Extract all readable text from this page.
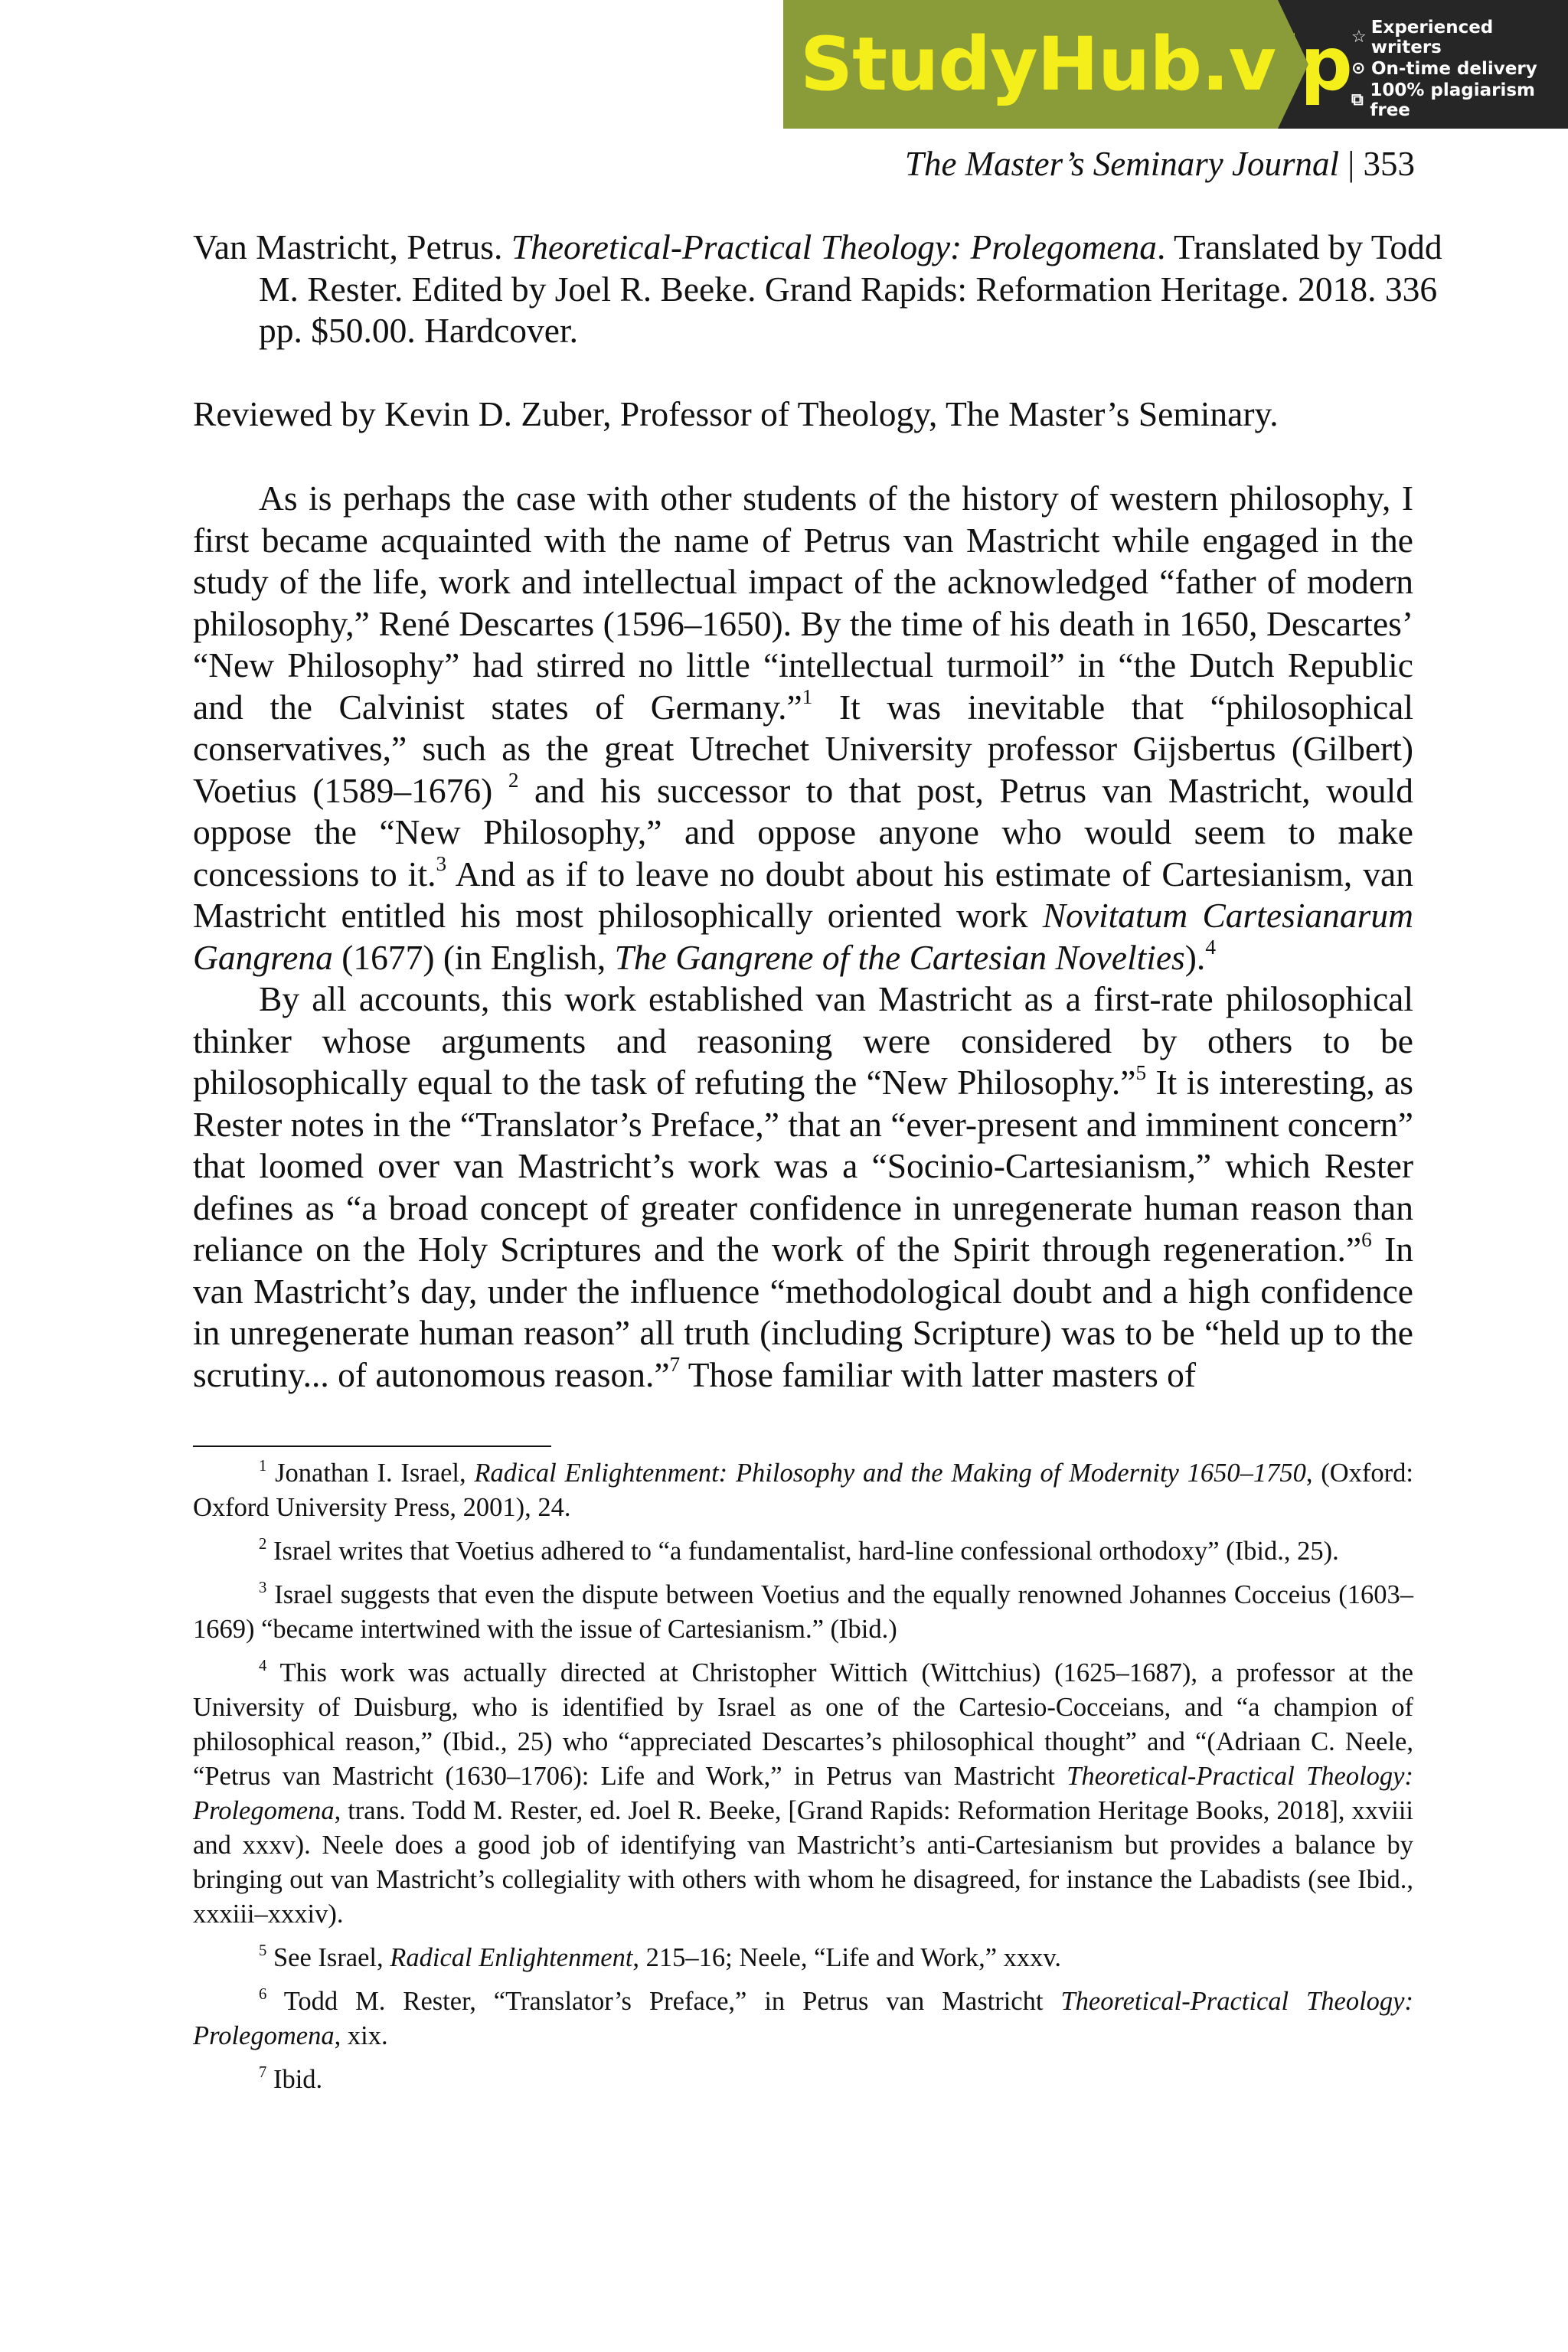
StudyHub.vip ☆ Experienced writers
⊙ On-time delivery
⧉ 100% plagiarism free
The Master’s Seminary Journal | 353
Van Mastricht, Petrus. Theoretical-Practical Theology: Prolegomena. Translated by Todd M. Rester. Edited by Joel R. Beeke. Grand Rapids: Reformation Heritage. 2018. 336 pp. $50.00. Hardcover.
Reviewed by Kevin D. Zuber, Professor of Theology, The Master’s Seminary.

As is perhaps the case with other students of the history of western philosophy, I first became acquainted with the name of Petrus van Mastricht while engaged in the study of the life, work and intellectual impact of the acknowledged “father of modern philosophy,” René Descartes (1596–1650). By the time of his death in 1650, Descartes’ “New Philosophy” had stirred no little “intellectual turmoil” in “the Dutch Republic and the Calvinist states of Germany.”$^1$ It was inevitable that “philosophical conservatives,” such as the great Utrechet University professor Gijsbertus (Gilbert) Voetius (1589–1676) $^2$ and his successor to that post, Petrus van Mastricht, would oppose the “New Philosophy,” and oppose anyone who would seem to make concessions to it.$^3$ And as if to leave no doubt about his estimate of Cartesianism, van Mastricht entitled his most philosophically oriented work Novitatum Cartesianarum Gangrena (1677) (in English, The Gangrene of the Cartesian Novelties).$^4$

By all accounts, this work established van Mastricht as a first-rate philosophical thinker whose arguments and reasoning were considered by others to be philosophically equal to the task of refuting the “New Philosophy.”$^5$ It is interesting, as Rester notes in the “Translator’s Preface,” that an “ever-present and imminent concern” that loomed over van Mastricht’s work was a “Socinio-Cartesianism,” which Rester defines as “a broad concept of greater confidence in unregenerate human reason than reliance on the Holy Scriptures and the work of the Spirit through regeneration.”$^6$ In van Mastricht’s day, under the influence “methodological doubt and a high confidence in unregenerate human reason” all truth (including Scripture) was to be “held up to the scrutiny... of autonomous reason.”$^7$ Those familiar with latter masters of

$^1$ Jonathan I. Israel, Radical Enlightenment: Philosophy and the Making of Modernity 1650–1750, (Oxford: Oxford University Press, 2001), 24.

$^2$ Israel writes that Voetius adhered to “a fundamentalist, hard-line confessional orthodoxy” (Ibid., 25).

$^3$ Israel suggests that even the dispute between Voetius and the equally renowned Johannes Cocceius (1603–1669) “became intertwined with the issue of Cartesianism.” (Ibid.)

$^4$ This work was actually directed at Christopher Wittich (Wittchius) (1625–1687), a professor at the University of Duisburg, who is identified by Israel as one of the Cartesio-Cocceians, and “a champion of philosophical reason,” (Ibid., 25) who “appreciated Descartes’s philosophical thought” and “(Adriaan C. Neele, “Petrus van Mastricht (1630–1706): Life and Work,” in Petrus van Mastricht Theoretical-Practical Theology: Prolegomena, trans. Todd M. Rester, ed. Joel R. Beeke, [Grand Rapids: Reformation Heritage Books, 2018], xxviii and xxxv). Neele does a good job of identifying van Mastricht’s anti-Cartesianism but provides a balance by bringing out van Mastricht’s collegiality with others with whom he disagreed, for instance the Labadists (see Ibid., xxxiii–xxxiv).

$^5$ See Israel, Radical Enlightenment, 215–16; Neele, “Life and Work,” xxxv.

$^6$ Todd M. Rester, “Translator’s Preface,” in Petrus van Mastricht Theoretical-Practical Theology: Prolegomena, xix.

$^7$ Ibid.
